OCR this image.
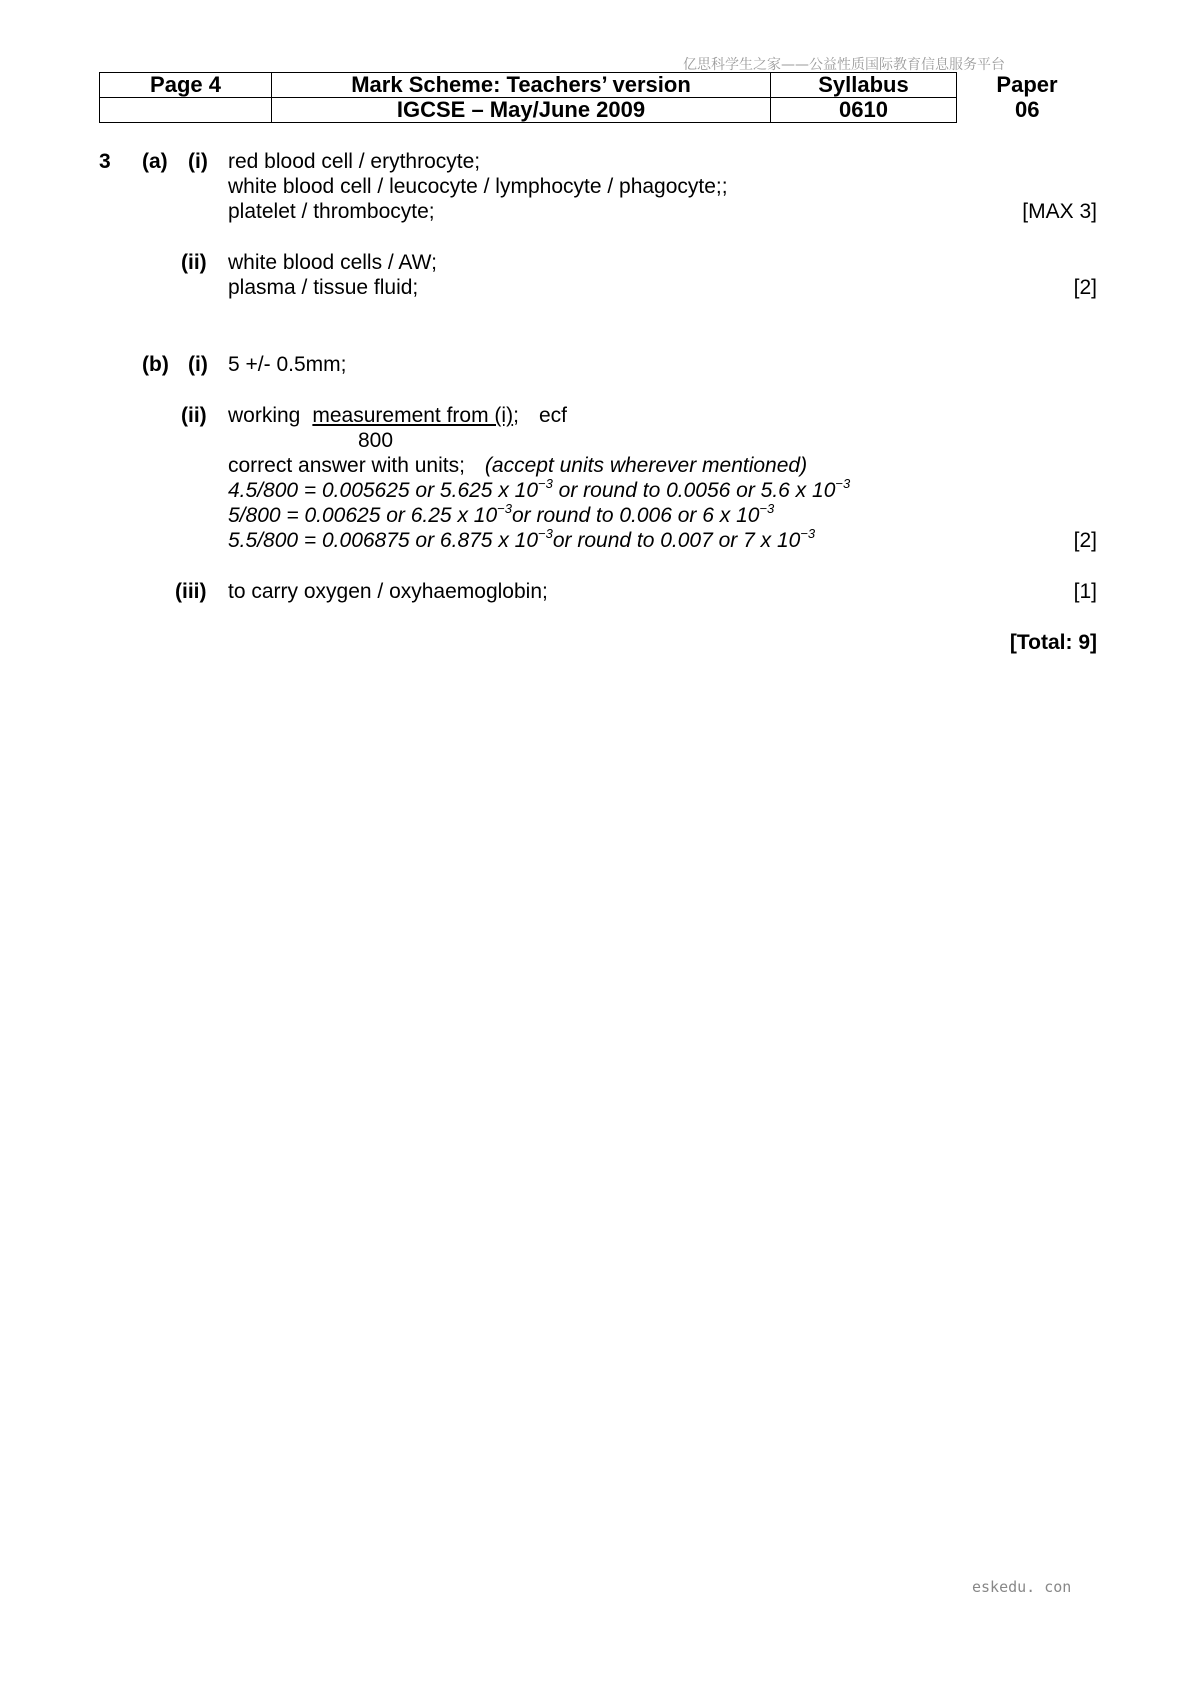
亿思科学生之家——公益性质国际教育信息服务平台
Page 4	Mark Scheme: Teachers’ version	Syllabus	Paper
	IGCSE – May/June 2009	0610	06
3 (a) (i) red blood cell / erythrocyte;
white blood cell / leucocyte / lymphocyte / phagocyte;;
platelet / thrombocyte;	[MAX 3]
(ii) white blood cells / AW;
plasma / tissue fluid;	[2]
(b) (i) 5 +/- 0.5mm;
(ii) working measurement from (i); ecf
800
correct answer with units; (accept units wherever mentioned)
4.5/800 = 0.005625 or 5.625 x $10^{-3}$ or round to 0.0056 or 5.6 x $10^{-3}$
5/800 = 0.00625 or 6.25 x $10^{-3}or$ round to 0.006 or 6 x $10^{-3}$
5.5/800 = 0.006875 or 6.875 x $10^{-3}or$ round to 0.007 or 7 x $10^{-3}$	[2]
(iii) to carry oxygen / oxyhaemoglobin;	[1]
[Total: 9]
eskedu. con
